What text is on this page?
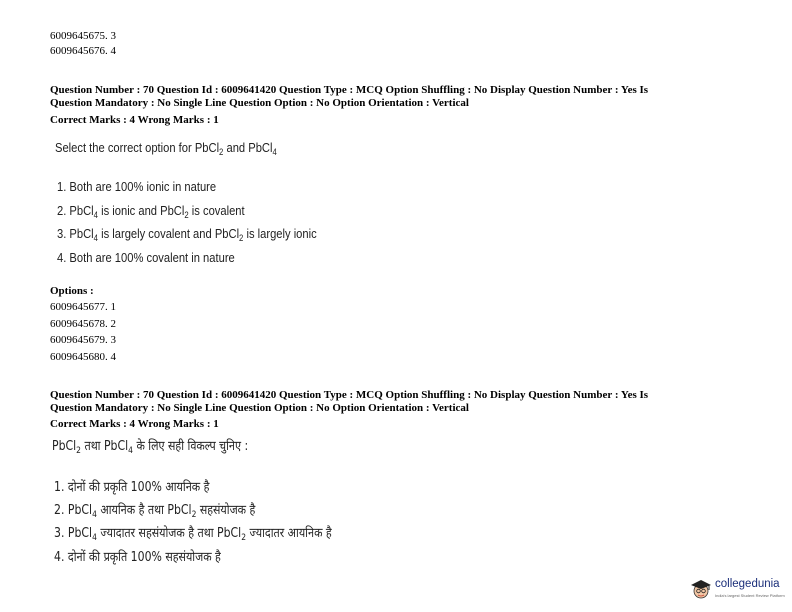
6009645675. 3
6009645676. 4
Question Number : 70 Question Id : 6009641420 Question Type : MCQ Option Shuffling : No Display Question Number : Yes Is
Question Mandatory : No Single Line Question Option : No Option Orientation : Vertical
Correct Marks : 4 Wrong Marks : 1
Select the correct option for PbCl$_2$ and PbCl$_4$
1. Both are 100% ionic in nature
2. PbCl$_4$ is ionic and PbCl$_2$ is covalent
3. PbCl$_4$ is largely covalent and PbCl$_2$ is largely ionic
4. Both are 100% covalent in nature
Options :
6009645677. 1
6009645678. 2
6009645679. 3
6009645680. 4
Question Number : 70 Question Id : 6009641420 Question Type : MCQ Option Shuffling : No Display Question Number : Yes Is
Question Mandatory : No Single Line Question Option : No Option Orientation : Vertical
Correct Marks : 4 Wrong Marks : 1
PbCl$_2$ तथा PbCl$_4$ के लिए सही विकल्प चुनिए :
1. दोनों की प्रकृति 100% आयनिक है
2. PbCl$_4$ आयनिक है तथा PbCl$_2$ सहसंयोजक है
3. PbCl$_4$ ज्यादातर सहसंयोजक है तथा PbCl$_2$ ज्यादातर आयनिक है
4. दोनों की प्रकृति 100% सहसंयोजक है
collegedunia
India's largest Student Review Platform
